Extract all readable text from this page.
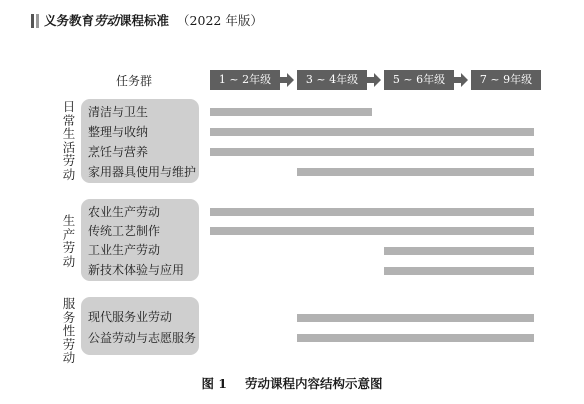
义务教育劳动课程标准 （2022 年版）
任务群	1 ~ 2年级	3 ~ 4年级	5 ~ 6年级	7 ~ 9年级
日
常
生
活
劳
动
清洁与卫生
整理与收纳
烹饪与营养
家用器具使用与维护
生
产
劳
动
农业生产劳动
传统工艺制作
工业生产劳动
新技术体验与应用
服
务
性
劳
动
现代服务业劳动
公益劳动与志愿服务
图 1 劳动课程内容结构示意图
